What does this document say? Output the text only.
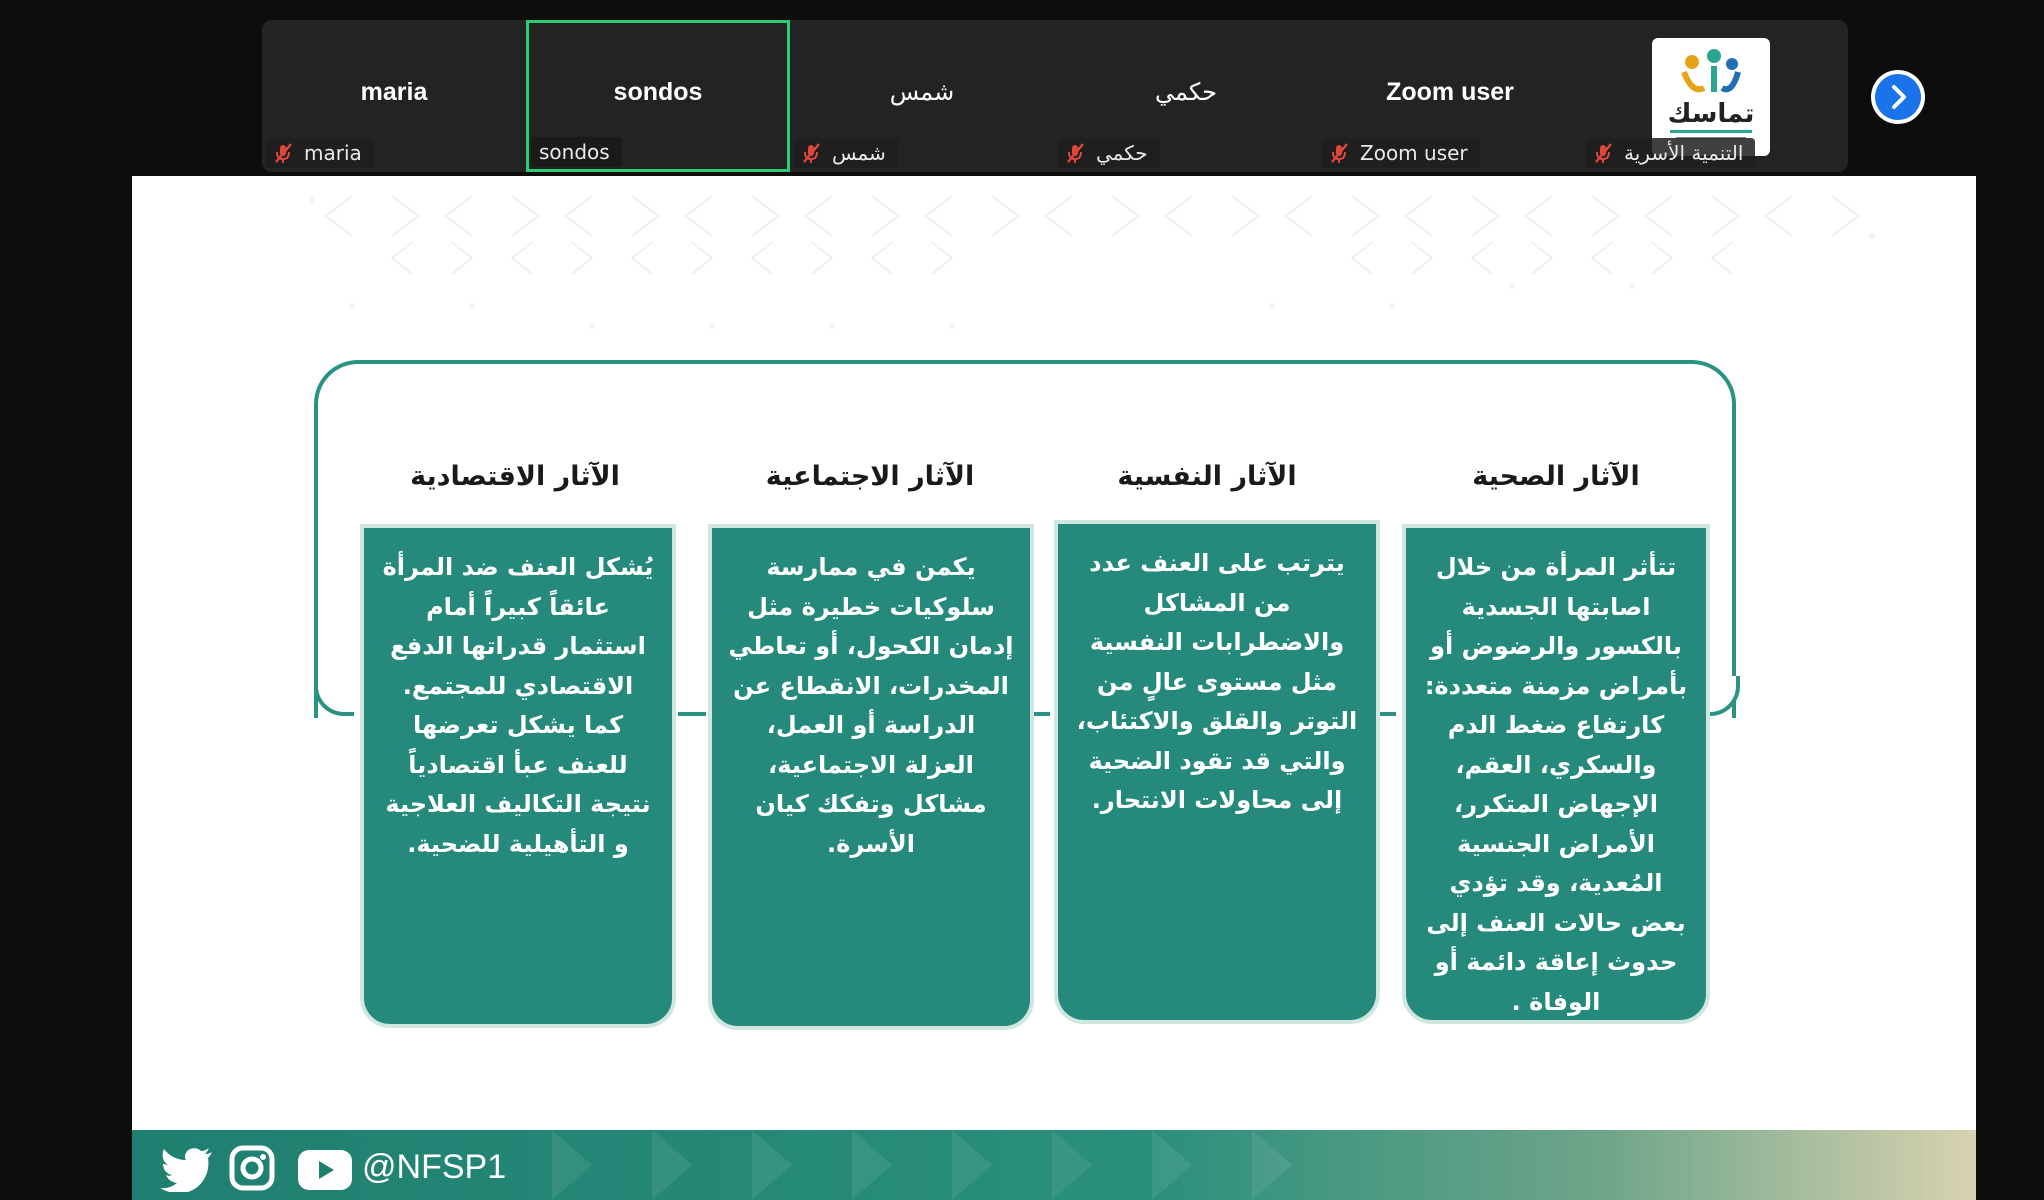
maria
maria
sondos
sondos
شمس
شمس
حكمي
حكمي
Zoom user
Zoom user
تماسك
التنمية الأسرية
الآثار الصحية
الآثار النفسية
الآثار الاجتماعية
الآثار الاقتصادية
تتأثر المرأة من خلال اصابتها الجسدية بالكسور والرضوض أو بأمراض مزمنة متعددة: كارتفاع ضغط الدم والسكري، العقم، الإجهاض المتكرر، الأمراض الجنسية المُعدية، وقد تؤدي بعض حالات العنف إلى حدوث إعاقة دائمة أو الوفاة .
يترتب على العنف عدد من المشاكل والاضطرابات النفسية مثل مستوى عالٍ من التوتر والقلق والاكتئاب، والتي قد تقود الضحية إلى محاولات الانتحار.
يكمن في ممارسة سلوكيات خطيرة مثل إدمان الكحول، أو تعاطي المخدرات، الانقطاع عن الدراسة أو العمل، العزلة الاجتماعية، مشاكل وتفكك كيان الأسرة.
يُشكل العنف ضد المرأة عائقاً كبيراً أمام استثمار قدراتها الدفع الاقتصادي للمجتمع. كما يشكل تعرضها للعنف عبأ اقتصادياً نتيجة التكاليف العلاجية و التأهيلية للضحية.
@NFSP1
